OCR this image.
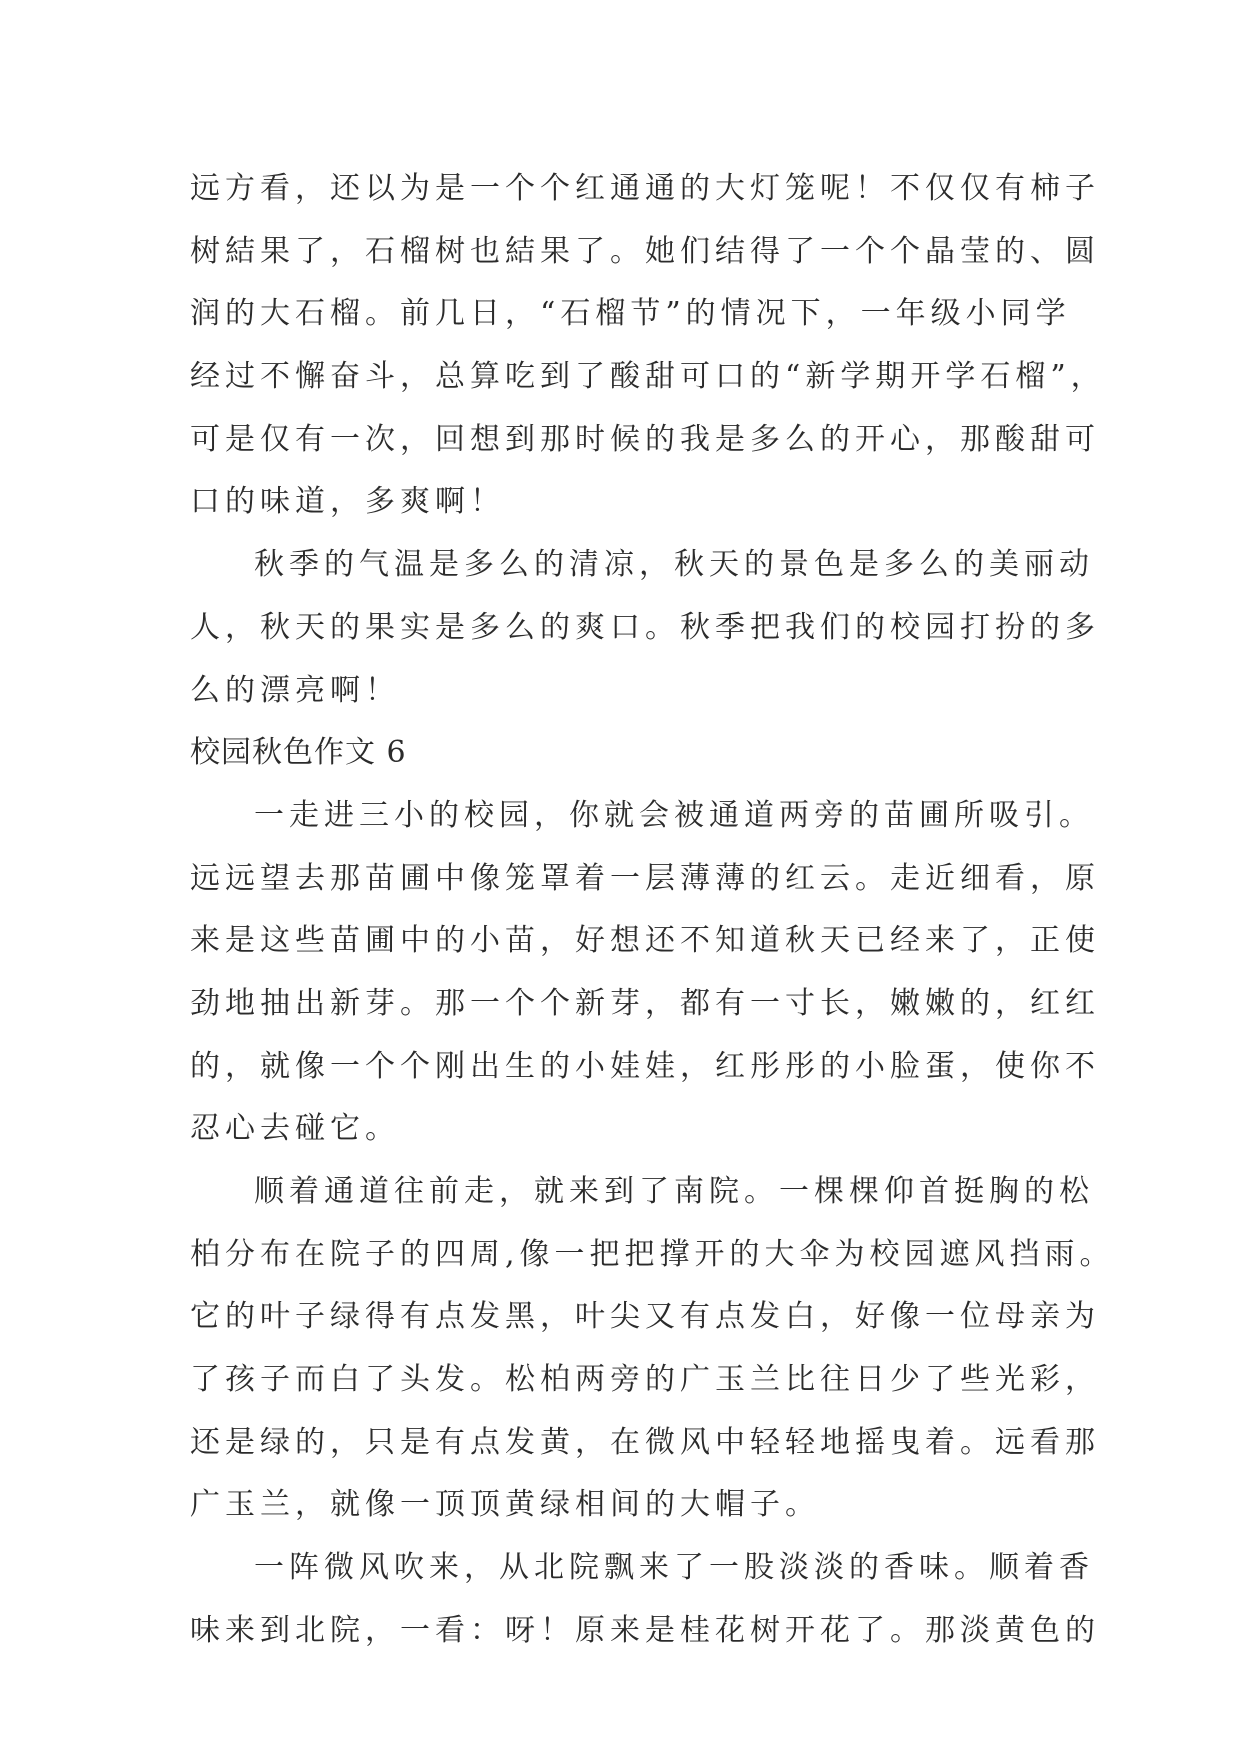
远方看，还以为是一个个红通通的大灯笼呢！不仅仅有柿子
树結果了，石榴树也結果了。她们结得了一个个晶莹的、圆
润的大石榴。前几日，“石榴节”的情况下，一年级小同学
经过不懈奋斗，总算吃到了酸甜可口的“新学期开学石榴”，
可是仅有一次，回想到那时候的我是多么的开心，那酸甜可
口的味道，多爽啊！
秋季的气温是多么的清凉，秋天的景色是多么的美丽动
人，秋天的果实是多么的爽口。秋季把我们的校园打扮的多
么的漂亮啊！
校园秋色作文 6
一走进三小的校园，你就会被通道两旁的苗圃所吸引。
远远望去那苗圃中像笼罩着一层薄薄的红云。走近细看，原
来是这些苗圃中的小苗，好想还不知道秋天已经来了，正使
劲地抽出新芽。那一个个新芽，都有一寸长，嫩嫩的，红红
的，就像一个个刚出生的小娃娃，红彤彤的小脸蛋，使你不
忍心去碰它。
顺着通道往前走，就来到了南院。一棵棵仰首挺胸的松
柏分布在院子的四周,像一把把撑开的大伞为校园遮风挡雨。
它的叶子绿得有点发黑，叶尖又有点发白，好像一位母亲为
了孩子而白了头发。松柏两旁的广玉兰比往日少了些光彩，
还是绿的，只是有点发黄，在微风中轻轻地摇曳着。远看那
广玉兰，就像一顶顶黄绿相间的大帽子。
一阵微风吹来，从北院飘来了一股淡淡的香味。顺着香
味来到北院，一看：呀！原来是桂花树开花了。那淡黄色的
